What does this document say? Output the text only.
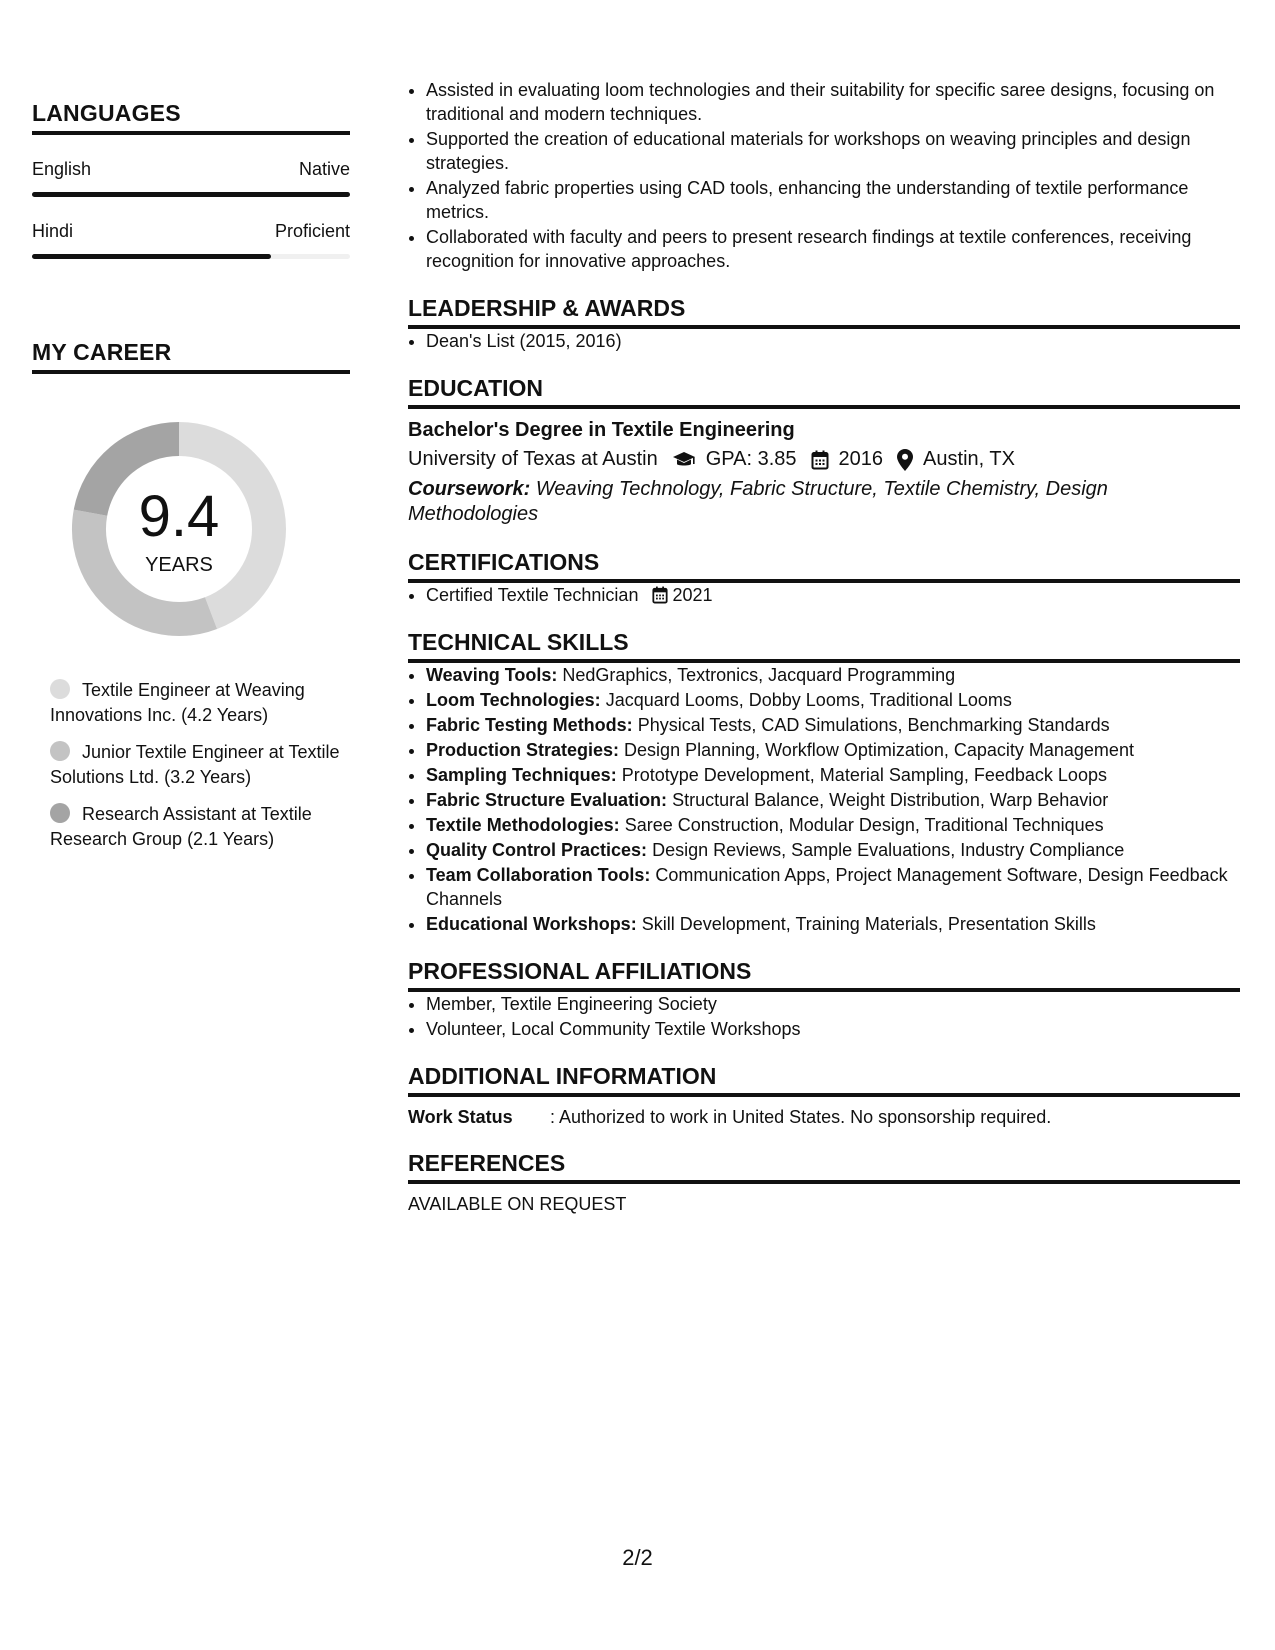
LANGUAGES
English	Native
Hindi	Proficient
MY CAREER
9.4
YEARS
Textile Engineer at Weaving Innovations Inc. (4.2 Years)
Junior Textile Engineer at Textile Solutions Ltd. (3.2 Years)
Research Assistant at Textile Research Group (2.1 Years)
• Assisted in evaluating loom technologies and their suitability for specific saree designs, focusing on traditional and modern techniques.
• Supported the creation of educational materials for workshops on weaving principles and design strategies.
• Analyzed fabric properties using CAD tools, enhancing the understanding of textile performance metrics.
• Collaborated with faculty and peers to present research findings at textile conferences, receiving recognition for innovative approaches.
LEADERSHIP & AWARDS
• Dean's List (2015, 2016)
EDUCATION
Bachelor's Degree in Textile Engineering
University of Texas at Austin GPA: 3.85 2016 Austin, TX
Coursework: Weaving Technology, Fabric Structure, Textile Chemistry, Design Methodologies
CERTIFICATIONS
• Certified Textile Technician 2021
TECHNICAL SKILLS
• Weaving Tools: NedGraphics, Textronics, Jacquard Programming
• Loom Technologies: Jacquard Looms, Dobby Looms, Traditional Looms
• Fabric Testing Methods: Physical Tests, CAD Simulations, Benchmarking Standards
• Production Strategies: Design Planning, Workflow Optimization, Capacity Management
• Sampling Techniques: Prototype Development, Material Sampling, Feedback Loops
• Fabric Structure Evaluation: Structural Balance, Weight Distribution, Warp Behavior
• Textile Methodologies: Saree Construction, Modular Design, Traditional Techniques
• Quality Control Practices: Design Reviews, Sample Evaluations, Industry Compliance
• Team Collaboration Tools: Communication Apps, Project Management Software, Design Feedback Channels
• Educational Workshops: Skill Development, Training Materials, Presentation Skills
PROFESSIONAL AFFILIATIONS
• Member, Textile Engineering Society
• Volunteer, Local Community Textile Workshops
ADDITIONAL INFORMATION
Work Status	: Authorized to work in United States. No sponsorship required.
REFERENCES
AVAILABLE ON REQUEST
2/2
